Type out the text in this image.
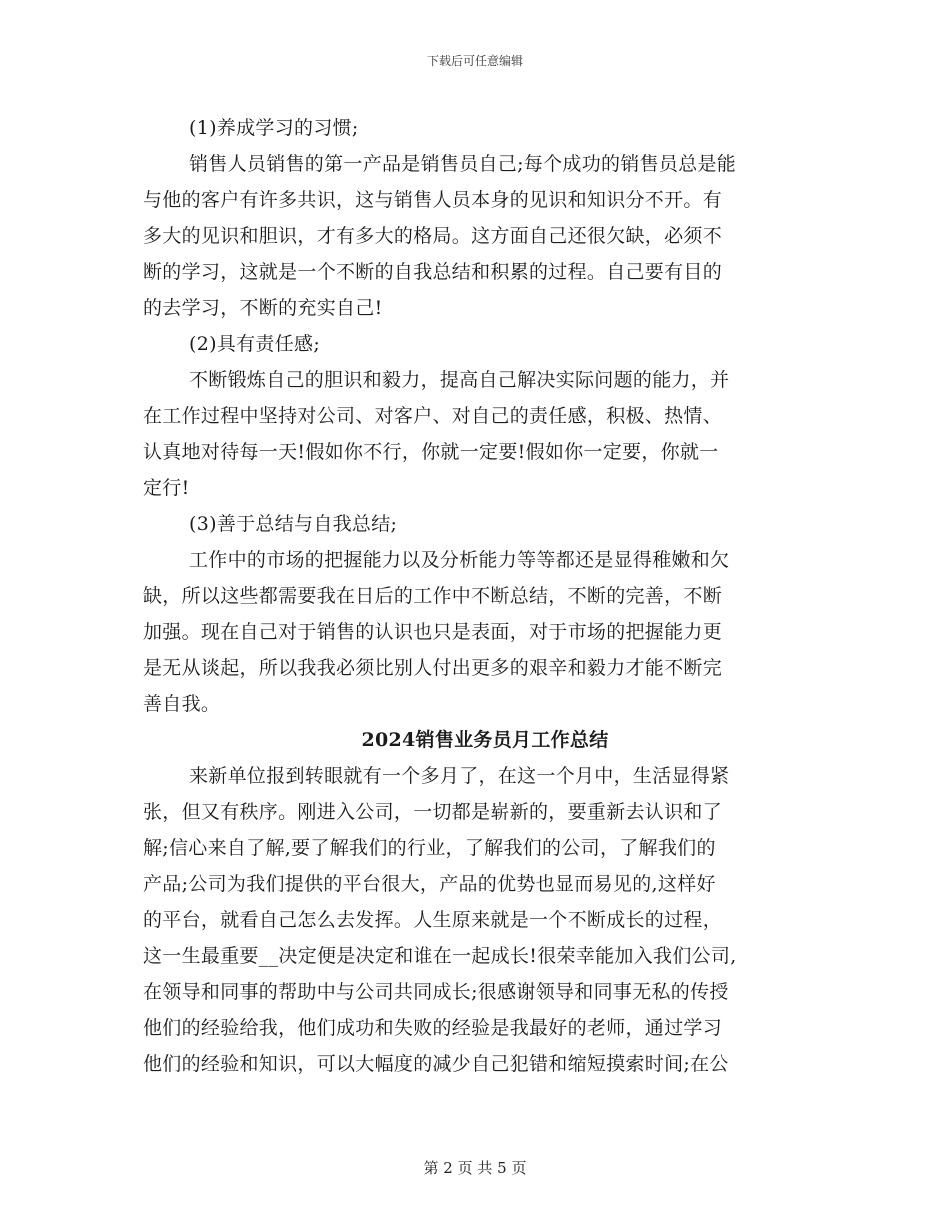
下载后可任意编辑
(1)养成学习的习惯;
销售人员销售的第一产品是销售员自己;每个成功的销售员总是能
与他的客户有许多共识，这与销售人员本身的见识和知识分不开。有
多大的见识和胆识，才有多大的格局。这方面自己还很欠缺，必须不
断的学习，这就是一个不断的自我总结和积累的过程。自己要有目的
的去学习，不断的充实自己!
(2)具有责任感;
不断锻炼自己的胆识和毅力，提高自己解决实际问题的能力，并
在工作过程中坚持对公司、对客户、对自己的责任感，积极、热情、
认真地对待每一天!假如你不行，你就一定要!假如你一定要，你就一
定行!
(3)善于总结与自我总结;
工作中的市场的把握能力以及分析能力等等都还是显得稚嫩和欠
缺，所以这些都需要我在日后的工作中不断总结，不断的完善，不断
加强。现在自己对于销售的认识也只是表面，对于市场的把握能力更
是无从谈起，所以我我必须比别人付出更多的艰辛和毅力才能不断完
善自我。
2024销售业务员月工作总结
来新单位报到转眼就有一个多月了，在这一个月中，生活显得紧
张，但又有秩序。刚进入公司，一切都是崭新的，要重新去认识和了
解;信心来自了解,要了解我们的行业，了解我们的公司，了解我们的
产品;公司为我们提供的平台很大，产品的优势也显而易见的,这样好
的平台，就看自己怎么去发挥。人生原来就是一个不断成长的过程，
这一生最重要__决定便是决定和谁在一起成长!很荣幸能加入我们公司,
在领导和同事的帮助中与公司共同成长;很感谢领导和同事无私的传授
他们的经验给我，他们成功和失败的经验是我最好的老师，通过学习
他们的经验和知识，可以大幅度的减少自己犯错和缩短摸索时间;在公
第 2 页 共 5 页
